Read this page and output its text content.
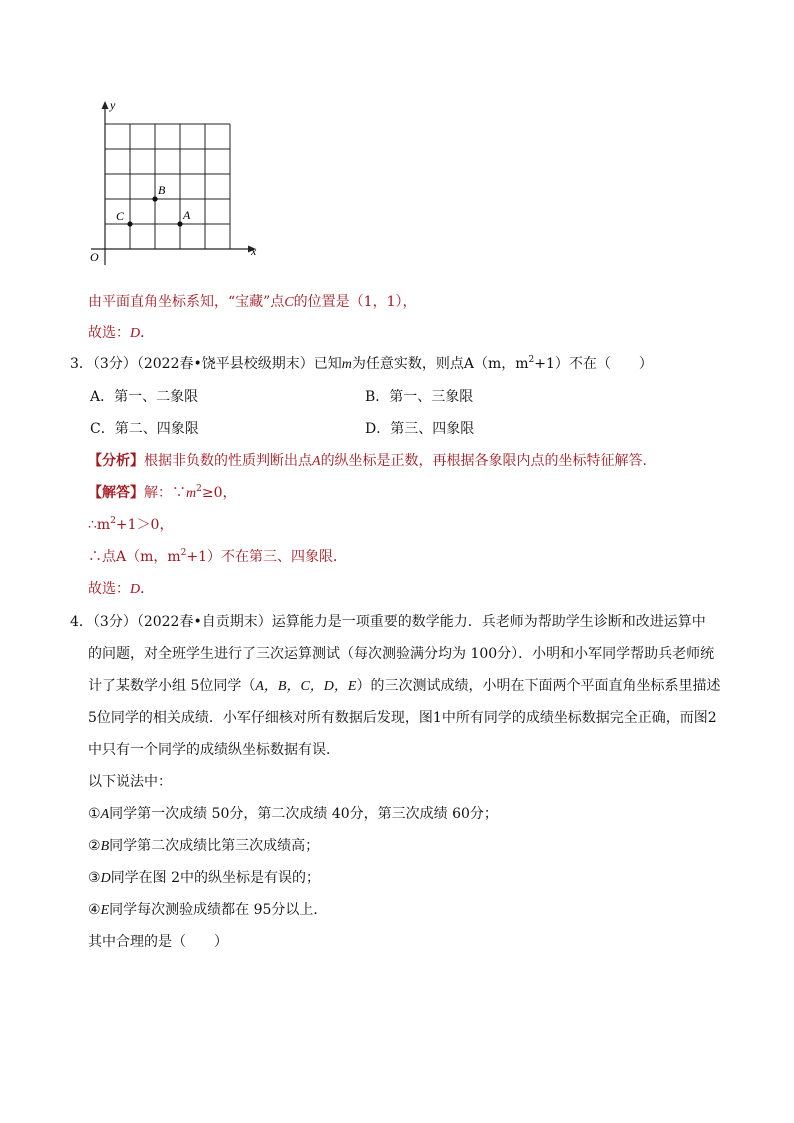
x
y
O
A
B
C
由平面直角坐标系知，“宝藏”点C的位置是（1，1），
故选：D．
3．（3分）（2022春•饶平县校级期末）已知m为任意实数，则点A（m，$m^2+1$）不在（　　）
A．第一、二象限	B．第一、三象限
C．第二、四象限	D．第三、四象限
【分析】根据非负数的性质判断出点A的纵坐标是正数，再根据各象限内点的坐标特征解答．
【解答】解：$\because m^2\ge 0$，
$\therefore m^2+1>0$，
∴点A（m，$m^2+1$）不在第三、四象限．
故选：D．
4．（3分）（2022春•自贡期末）运算能力是一项重要的数学能力．兵老师为帮助学生诊断和改进运算中
的问题，对全班学生进行了三次运算测试（每次测验满分均为 100分）．小明和小军同学帮助兵老师统
计了某数学小组 5位同学（A，B，C，D，E）的三次测试成绩，小明在下面两个平面直角坐标系里描述
5位同学的相关成绩．小军仔细核对所有数据后发现，图1中所有同学的成绩坐标数据完全正确，而图2
中只有一个同学的成绩纵坐标数据有误．
以下说法中：
①A同学第一次成绩 50分，第二次成绩 40分，第三次成绩 60分；
②B同学第二次成绩比第三次成绩高；
③D同学在图 2中的纵坐标是有误的；
④E同学每次测验成绩都在 95分以上．
其中合理的是（　　）
